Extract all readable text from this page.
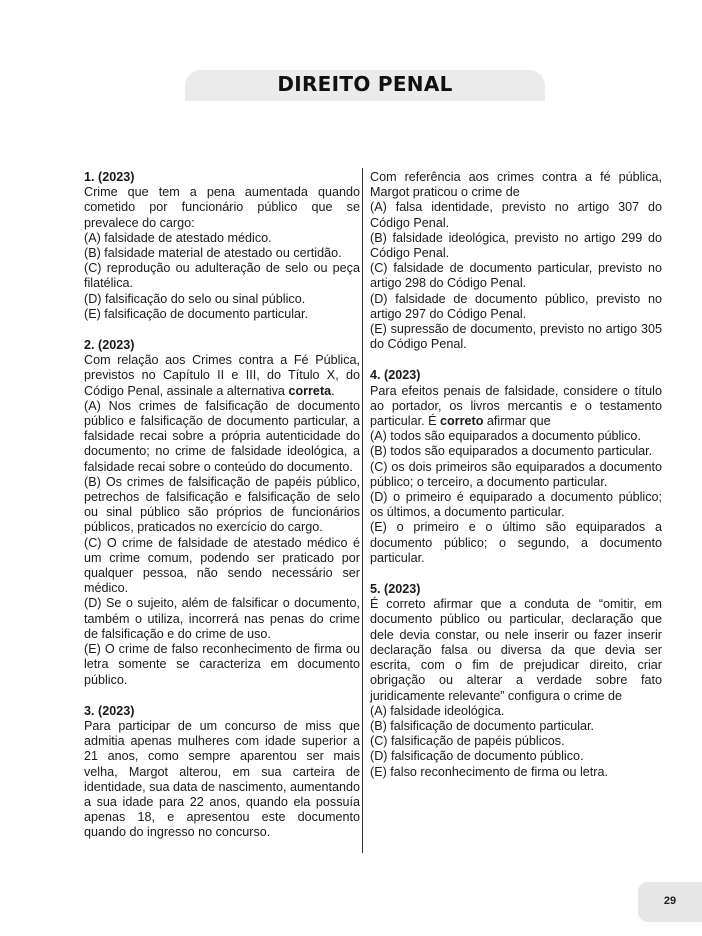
DIREITO PENAL

1. (2023)

Crime que tem a pena aumentada quando cometido por funcionário público que se prevalece do cargo:

(A) falsidade de atestado médico.

(B) falsidade material de atestado ou certidão.

(C) reprodução ou adulteração de selo ou peça filatélica.

(D) falsificação do selo ou sinal público.

(E) falsificação de documento particular.

2. (2023)

Com relação aos Crimes contra a Fé Pública, previstos no Capítulo II e III, do Título X, do Código Penal, assinale a alternativa correta.

(A) Nos crimes de falsificação de documento público e falsificação de documento particular, a falsidade recai sobre a própria autenticidade do documento; no crime de falsidade ideológica, a falsidade recai sobre o conteúdo do documento.

(B) Os crimes de falsificação de papéis público, petrechos de falsificação e falsificação de selo ou sinal público são próprios de funcionários públicos, praticados no exercício do cargo.

(C) O crime de falsidade de atestado médico é um crime comum, podendo ser praticado por qualquer pessoa, não sendo necessário ser médico.

(D) Se o sujeito, além de falsificar o documento, também o utiliza, incorrerá nas penas do crime de falsificação e do crime de uso.

(E) O crime de falso reconhecimento de firma ou letra somente se caracteriza em documento público.

3. (2023)

Para participar de um concurso de miss que admitia apenas mulheres com idade superior a 21 anos, como sempre aparentou ser mais velha, Margot alterou, em sua carteira de identidade, sua data de nascimento, aumentando a sua idade para 22 anos, quando ela possuía apenas 18, e apresentou este documento quando do ingresso no concurso.

Com referência aos crimes contra a fé pública, Margot praticou o crime de

(A) falsa identidade, previsto no artigo 307 do Código Penal.

(B) falsidade ideológica, previsto no artigo 299 do Código Penal.

(C) falsidade de documento particular, previsto no artigo 298 do Código Penal.

(D) falsidade de documento público, previsto no artigo 297 do Código Penal.

(E) supressão de documento, previsto no artigo 305 do Código Penal.

4. (2023)

Para efeitos penais de falsidade, considere o título ao portador, os livros mercantis e o testamento particular. É correto afirmar que

(A) todos são equiparados a documento público.

(B) todos são equiparados a documento particular.

(C) os dois primeiros são equiparados a documento público; o terceiro, a documento particular.

(D) o primeiro é equiparado a documento público; os últimos, a documento particular.

(E) o primeiro e o último são equiparados a documento público; o segundo, a documento particular.

5. (2023)

É correto afirmar que a conduta de “omitir, em documento público ou particular, declaração que dele devia constar, ou nele inserir ou fazer inserir declaração falsa ou diversa da que devia ser escrita, com o fim de prejudicar direito, criar obrigação ou alterar a verdade sobre fato juridicamente relevante” configura o crime de

(A) falsidade ideológica.

(B) falsificação de documento particular.

(C) falsificação de papéis públicos.

(D) falsificação de documento público.

(E) falso reconhecimento de firma ou letra.

29
